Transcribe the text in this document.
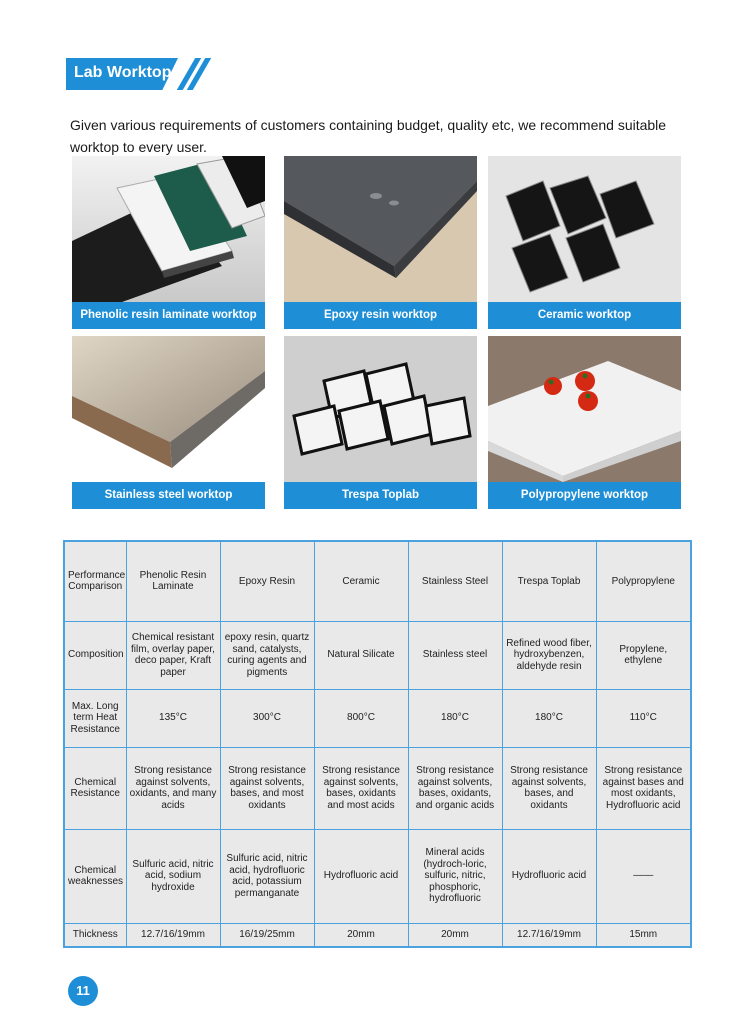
Lab Worktop

Given various requirements of customers containing budget, quality etc, we recommend suitable worktop to every user.

Phenolic resin laminate worktop	Epoxy resin worktop	Ceramic worktop
Stainless steel worktop	Trespa Toplab	Polypropylene worktop
Performance Comparison	Phenolic Resin Laminate	Epoxy Resin	Ceramic	Stainless Steel	Trespa Toplab	Polypropylene
Composition	Chemical resistant film, overlay paper, deco paper, Kraft paper	epoxy resin, quartz sand, catalysts, curing agents and pigments	Natural Silicate	Stainless steel	Refined wood fiber, hydroxybenzen, aldehyde resin	Propylene, ethylene
Max. Long term Heat Resistance	135°C	300°C	800°C	180°C	180°C	110°C
Chemical Resistance	Strong resistance against solvents, oxidants, and many acids	Strong resistance against solvents, bases, and most oxidants	Strong resistance against solvents, bases, oxidants and most acids	Strong resistance against solvents, bases, oxidants, and organic acids	Strong resistance against solvents, bases, and oxidants	Strong resistance against bases and most oxidants, Hydrofluoric acid
Chemical weaknesses	Sulfuric acid, nitric acid, sodium hydroxide	Sulfuric acid, nitric acid, hydrofluoric acid, potassium permanganate	Hydrofluoric acid	Mineral acids (hydroch-loric, sulfuric, nitric, phosphoric, hydrofluoric	Hydrofluoric acid	——
Thickness	12.7/16/19mm	16/19/25mm	20mm	20mm	12.7/16/19mm	15mm
11
